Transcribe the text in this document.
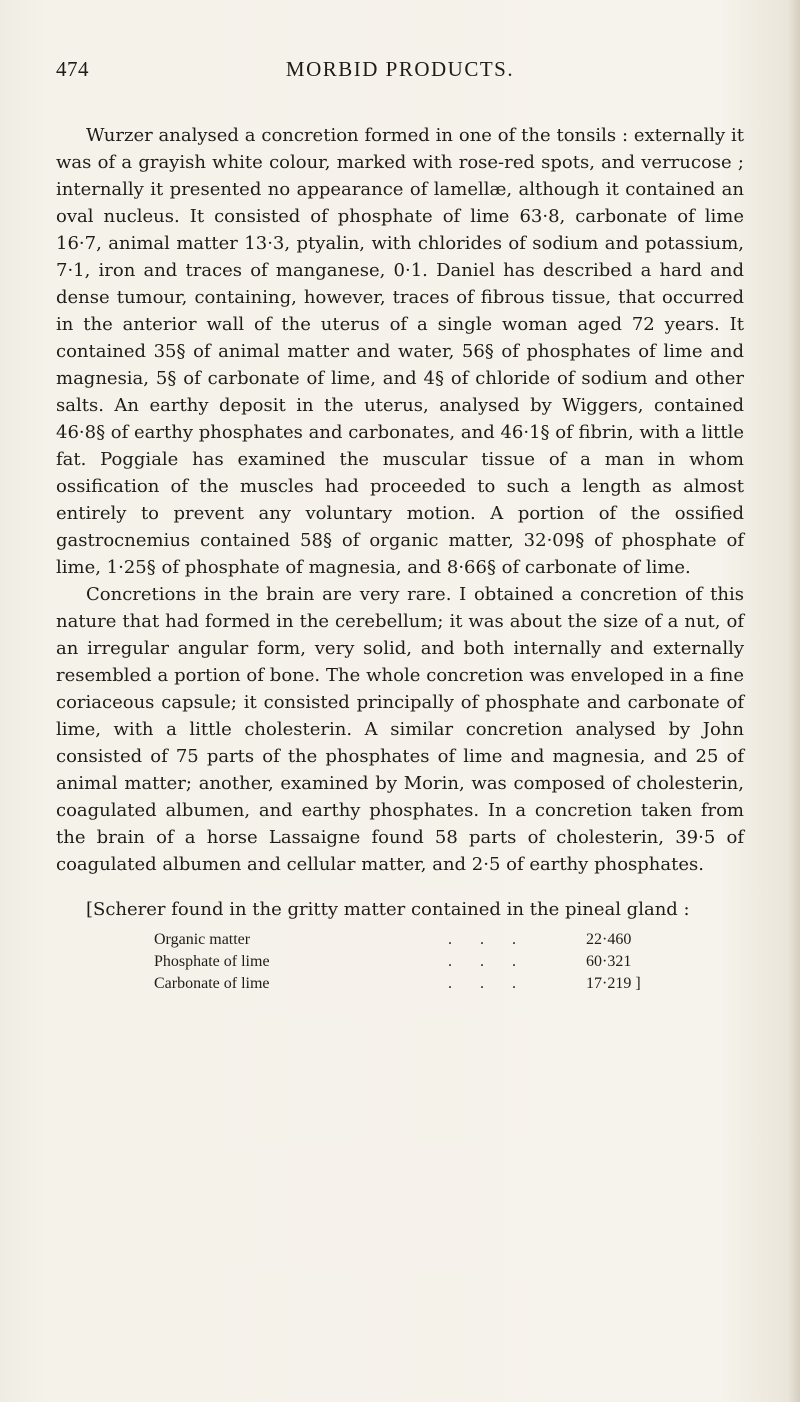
474	MORBID PRODUCTS.

Wurzer analysed a concretion formed in one of the tonsils : externally it was of a grayish white colour, marked with rose-red spots, and verrucose ; internally it presented no appearance of lamellæ, although it contained an oval nucleus. It consisted of phosphate of lime 63·8, carbonate of lime 16·7, animal matter 13·3, ptyalin, with chlorides of sodium and potassium, 7·1, iron and traces of manganese, 0·1. Daniel has described a hard and dense tumour, containing, however, traces of fibrous tissue, that occurred in the anterior wall of the uterus of a single woman aged 72 years. It contained 35§ of animal matter and water, 56§ of phosphates of lime and magnesia, 5§ of carbonate of lime, and 4§ of chloride of sodium and other salts. An earthy deposit in the uterus, analysed by Wiggers, contained 46·8§ of earthy phosphates and carbonates, and 46·1§ of fibrin, with a little fat. Poggiale has examined the muscular tissue of a man in whom ossification of the muscles had proceeded to such a length as almost entirely to prevent any voluntary motion. A portion of the ossified gastrocnemius contained 58§ of organic matter, 32·09§ of phosphate of lime, 1·25§ of phosphate of magnesia, and 8·66§ of carbonate of lime.

Concretions in the brain are very rare. I obtained a concretion of this nature that had formed in the cerebellum; it was about the size of a nut, of an irregular angular form, very solid, and both internally and externally resembled a portion of bone. The whole concretion was enveloped in a fine coriaceous capsule; it consisted principally of phosphate and carbonate of lime, with a little cholesterin. A similar concretion analysed by John consisted of 75 parts of the phosphates of lime and magnesia, and 25 of animal matter; another, examined by Morin, was composed of cholesterin, coagulated albumen, and earthy phosphates. In a concretion taken from the brain of a horse Lassaigne found 58 parts of cholesterin, 39·5 of coagulated albumen and cellular matter, and 2·5 of earthy phosphates.

[Scherer found in the gritty matter contained in the pineal gland :

Organic matter	...	22·460
Phosphate of lime	...	60·321
Carbonate of lime	...	17·219 ]
